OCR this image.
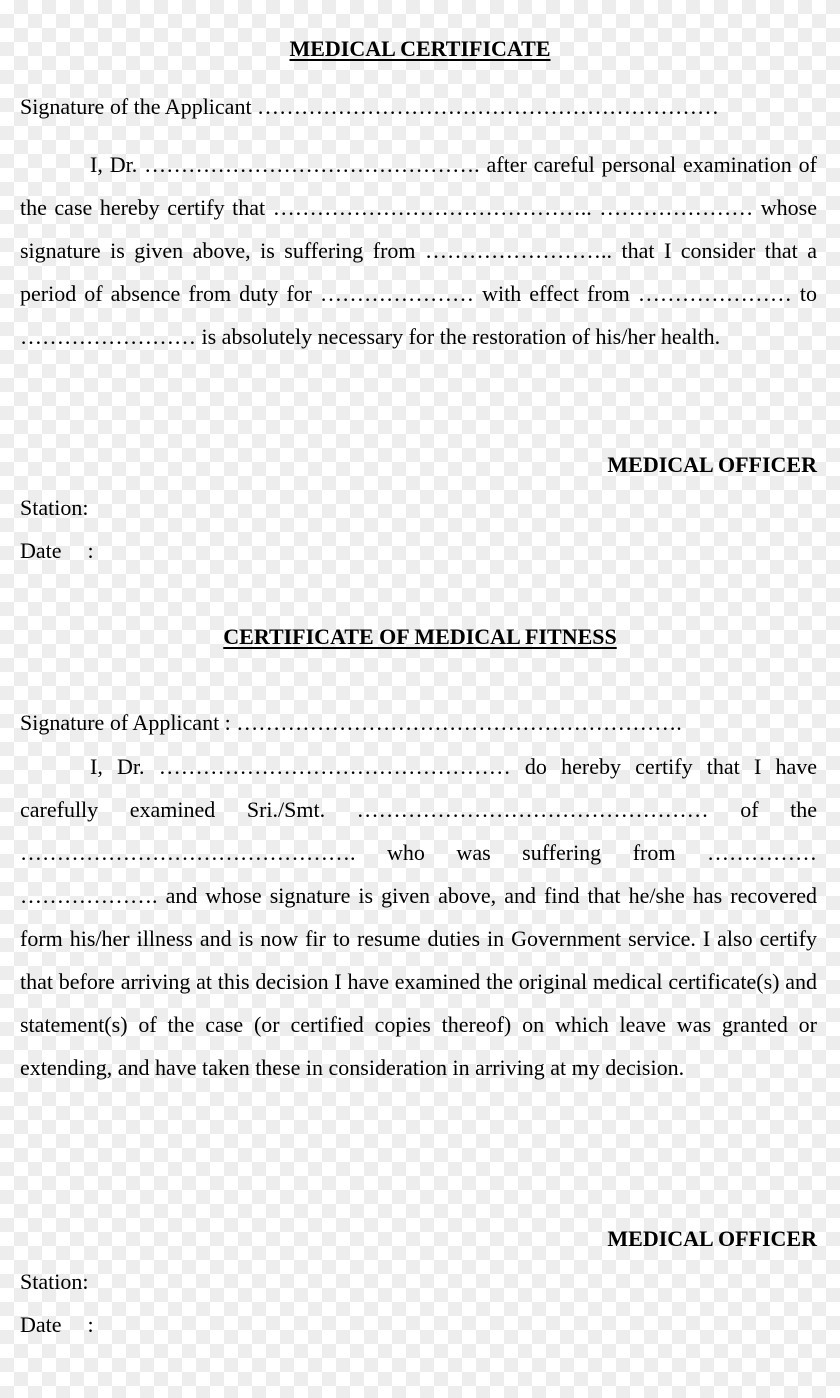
MEDICAL CERTIFICATE
Signature of the Applicant ………………………………………………………
I, Dr. ………………………………………. after careful personal examination of the case hereby certify that …………………………………….. ………………… whose signature is given above, is suffering from …………………….. that I consider that a period of absence from duty for ………………… with effect from ………………… to …………………… is absolutely necessary for the restoration of his/her health.
MEDICAL OFFICER
Station:
Date :
CERTIFICATE OF MEDICAL FITNESS
Signature of Applicant : …………………………………………………….
I, Dr. ………………………………………… do hereby certify that I have carefully examined Sri./Smt. ………………………………………… of the ………………………………………. who was suffering from …………… ………………. and whose signature is given above, and find that he/she has recovered form his/her illness and is now fir to resume duties in Government service. I also certify that before arriving at this decision I have examined the original medical certificate(s) and statement(s) of the case (or certified copies thereof) on which leave was granted or extending, and have taken these in consideration in arriving at my decision.
MEDICAL OFFICER
Station:
Date :
